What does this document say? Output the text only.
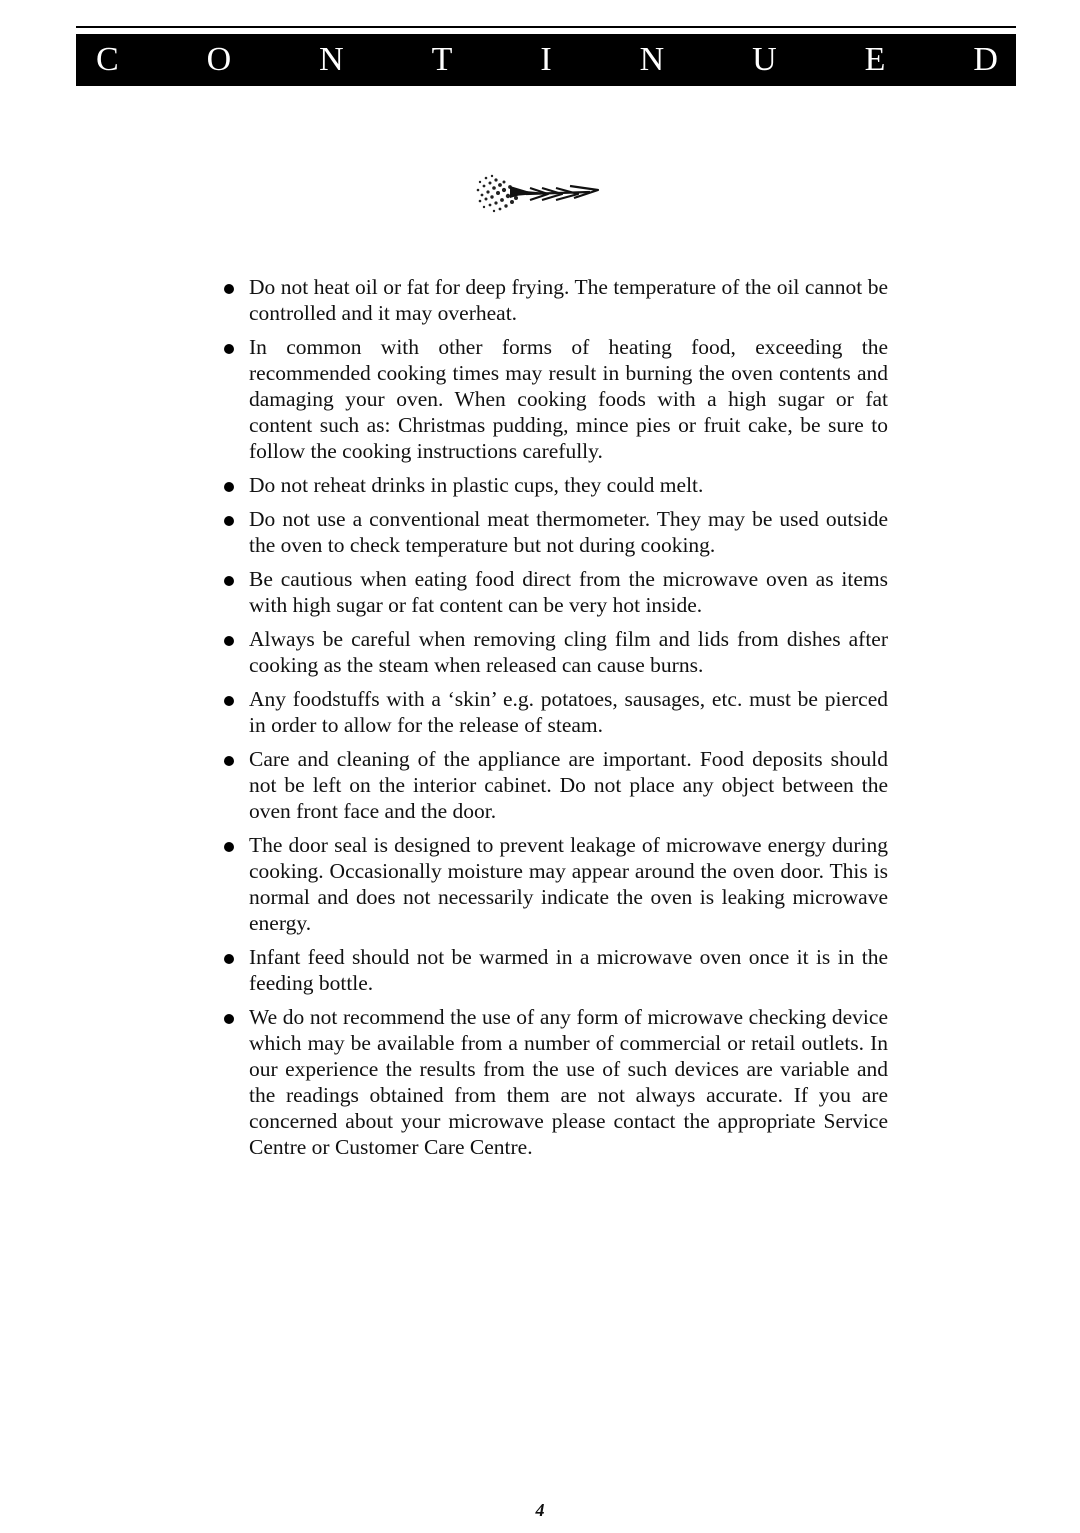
C	O	N	T	I	N	U	E	D
Do not heat oil or fat for deep frying. The temperature of the oil cannot be controlled and it may overheat.
In common with other forms of heating food, exceeding the recommended cooking times may result in burning the oven contents and damaging your oven. When cooking foods with a high sugar or fat content such as: Christmas pudding, mince pies or fruit cake, be sure to follow the cooking instructions carefully.
Do not reheat drinks in plastic cups, they could melt.
Do not use a conventional meat thermometer. They may be used outside the oven to check temperature but not during cooking.
Be cautious when eating food direct from the microwave oven as items with high sugar or fat content can be very hot inside.
Always be careful when removing cling film and lids from dishes after cooking as the steam when released can cause burns.
Any foodstuffs with a ‘skin’ e.g. potatoes, sausages, etc. must be pierced in order to allow for the release of steam.
Care and cleaning of the appliance are important. Food deposits should not be left on the interior cabinet. Do not place any object between the oven front face and the door.
The door seal is designed to prevent leakage of microwave energy during cooking. Occasionally moisture may appear around the oven door. This is normal and does not necessarily indicate the oven is leaking microwave energy.
Infant feed should not be warmed in a microwave oven once it is in the feeding bottle.
We do not recommend the use of any form of microwave checking device which may be available from a number of commercial or retail outlets. In our experience the results from the use of such devices are variable and the readings obtained from them are not always accurate. If you are concerned about your microwave please contact the appropriate Service Centre or Customer Care Centre.
4
